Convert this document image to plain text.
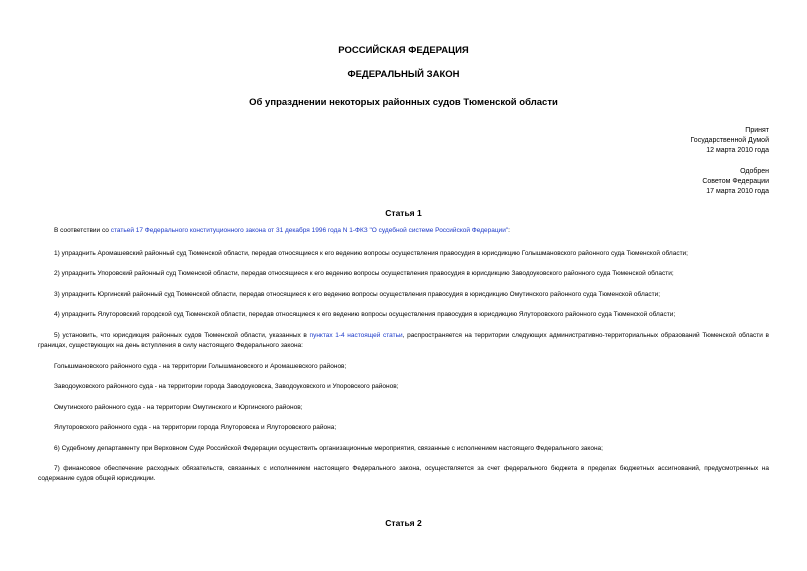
РОССИЙСКАЯ ФЕДЕРАЦИЯ
ФЕДЕРАЛЬНЫЙ ЗАКОН
Об упразднении некоторых районных судов Тюменской области
Принят
Государственной Думой
12 марта 2010 года
Одобрен
Советом Федерации
17 марта 2010 года
Статья 1
В соответствии со статьей 17 Федерального конституционного закона от 31 декабря 1996 года N 1-ФКЗ "О судебной системе Российской Федерации":
1) упразднить Аромашевский районный суд Тюменской области, передав относящиеся к его ведению вопросы осуществления правосудия в юрисдикцию Голышмановского районного суда Тюменской области;
2) упразднить Упоровский районный суд Тюменской области, передав относящиеся к его ведению вопросы осуществления правосудия в юрисдикцию Заводоуковского районного суда Тюменской области;
3) упразднить Юргинский районный суд Тюменской области, передав относящиеся к его ведению вопросы осуществления правосудия в юрисдикцию Омутинского районного суда Тюменской области;
4) упразднить Ялуторовский городской суд Тюменской области, передав относящиеся к его ведению вопросы осуществления правосудия в юрисдикцию Ялуторовского районного суда Тюменской области;
5) установить, что юрисдикция районных судов Тюменской области, указанных в пунктах 1-4 настоящей статьи, распространяется на территории следующих административно-территориальных образований Тюменской области в границах, существующих на день вступления в силу настоящего Федерального закона:
Голышмановского районного суда - на территории Голышмановского и Аромашевского районов;
Заводоуковского районного суда - на территории города Заводоуковска, Заводоуковского и Упоровского районов;
Омутинского районного суда - на территории Омутинского и Юргинского районов;
Ялуторовского районного суда - на территории города Ялуторовска и Ялуторовского района;
6) Судебному департаменту при Верховном Суде Российской Федерации осуществить организационные мероприятия, связанные с исполнением настоящего Федерального закона;
7) финансовое обеспечение расходных обязательств, связанных с исполнением настоящего Федерального закона, осуществляется за счет федерального бюджета в пределах бюджетных ассигнований, предусмотренных на содержание судов общей юрисдикции.
Статья 2
